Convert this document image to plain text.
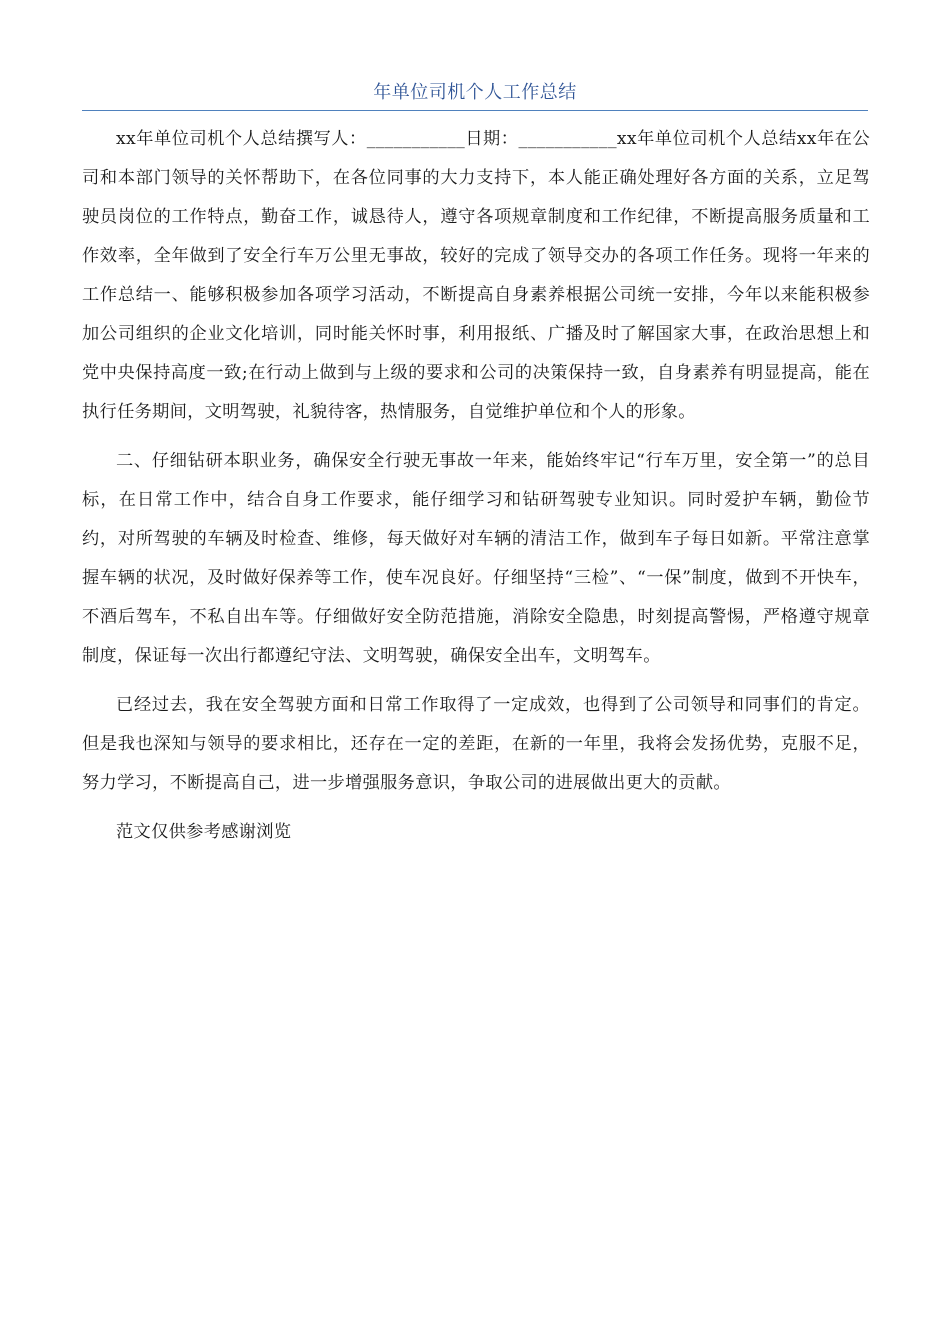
年单位司机个人工作总结

xx年单位司机个人总结撰写人：___________日期：___________xx年单位司机个人总结xx年在公司和本部门领导的关怀帮助下，在各位同事的大力支持下，本人能正确处理好各方面的关系，立足驾驶员岗位的工作特点，勤奋工作，诚恳待人，遵守各项规章制度和工作纪律，不断提高服务质量和工作效率，全年做到了安全行车万公里无事故，较好的完成了领导交办的各项工作任务。现将一年来的工作总结一、能够积极参加各项学习活动，不断提高自身素养根据公司统一安排，今年以来能积极参加公司组织的企业文化培训，同时能关怀时事，利用报纸、广播及时了解国家大事，在政治思想上和党中央保持高度一致;在行动上做到与上级的要求和公司的决策保持一致，自身素养有明显提高，能在执行任务期间，文明驾驶，礼貌待客，热情服务，自觉维护单位和个人的形象。

二、仔细钻研本职业务，确保安全行驶无事故一年来，能始终牢记“行车万里，安全第一”的总目标，在日常工作中，结合自身工作要求，能仔细学习和钻研驾驶专业知识。同时爱护车辆，勤俭节约，对所驾驶的车辆及时检查、维修，每天做好对车辆的清洁工作，做到车子每日如新。平常注意掌握车辆的状况，及时做好保养等工作，使车况良好。仔细坚持“三检”、“一保”制度，做到不开快车，不酒后驾车，不私自出车等。仔细做好安全防范措施，消除安全隐患，时刻提高警惕，严格遵守规章制度，保证每一次出行都遵纪守法、文明驾驶，确保安全出车，文明驾车。

已经过去，我在安全驾驶方面和日常工作取得了一定成效，也得到了公司领导和同事们的肯定。但是我也深知与领导的要求相比，还存在一定的差距，在新的一年里，我将会发扬优势，克服不足，努力学习，不断提高自己，进一步增强服务意识，争取公司的进展做出更大的贡献。

范文仅供参考感谢浏览
